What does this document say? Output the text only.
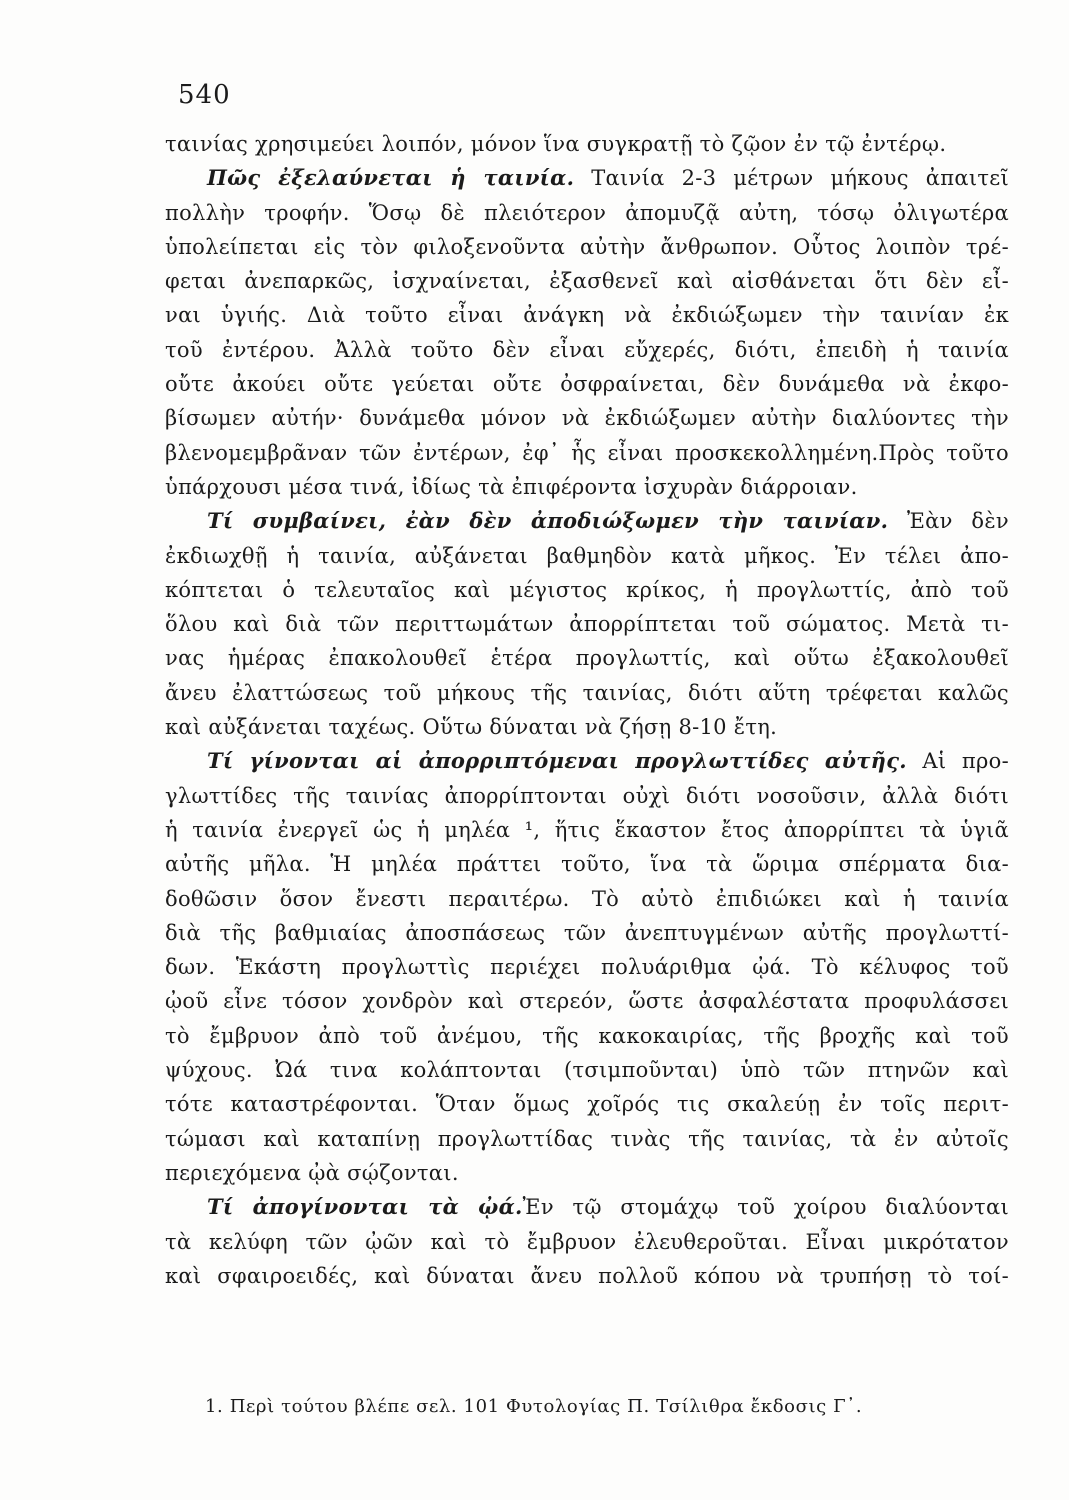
540
ταινίας χρησιμεύει λοιπόν, μόνον ἵνα συγκρατῇ τὸ ζῷον ἐν τῷ ἐντέρῳ.
Πῶς ἐξελαύνεται ἡ ταινία. Ταινία 2-3 μέτρων μήκους ἀπαιτεῖ
πολλὴν τροφήν. Ὅσῳ δὲ πλειότερον ἀπομυζᾷ αὐτη, τόσῳ ὀλιγωτέρα
ὑπολείπεται εἰς τὸν φιλοξενοῦντα αὐτὴν ἄνθρωπον. Οὗτος λοιπὸν τρέ-
φεται ἀνεπαρκῶς, ἰσχναίνεται, ἐξασθενεῖ καὶ αἰσθάνεται ὅτι δὲν εἶ-
ναι ὑγιής. Διὰ τοῦτο εἶναι ἀνάγκη νὰ ἐκδιώξωμεν τὴν ταινίαν ἐκ
τοῦ ἐντέρου. Ἀλλὰ τοῦτο δὲν εἶναι εὔχερές, διότι, ἐπειδὴ ἡ ταινία
οὔτε ἀκούει οὔτε γεύεται οὔτε ὀσφραίνεται, δὲν δυνάμεθα νὰ ἐκφο-
βίσωμεν αὐτήν· δυνάμεθα μόνον νὰ ἐκδιώξωμεν αὐτὴν διαλύοντες τὴν
βλενομεμβρᾶναν τῶν ἐντέρων, ἐφ᾽ ἧς εἶναι προσκεκολλημένη.Πρὸς τοῦτο
ὑπάρχουσι μέσα τινά, ἰδίως τὰ ἐπιφέροντα ἰσχυρὰν διάρροιαν.
Τί συμβαίνει, ἐὰν δὲν ἀποδιώξωμεν τὴν ταινίαν. Ἐὰν δὲν
ἐκδιωχθῇ ἡ ταινία, αὐξάνεται βαθμηδὸν κατὰ μῆκος. Ἐν τέλει ἀπο-
κόπτεται ὁ τελευταῖος καὶ μέγιστος κρίκος, ἡ προγλωττίς, ἀπὸ τοῦ
ὅλου καὶ διὰ τῶν περιττωμάτων ἀπορρίπτεται τοῦ σώματος. Μετὰ τι-
νας ἡμέρας ἐπακολουθεῖ ἑτέρα προγλωττίς, καὶ οὕτω ἐξακολουθεῖ
ἄνευ ἐλαττώσεως τοῦ μήκους τῆς ταινίας, διότι αὕτη τρέφεται καλῶς
καὶ αὐξάνεται ταχέως. Οὕτω δύναται νὰ ζήσῃ 8-10 ἔτη.
Τί γίνονται αἱ ἀπορριπτόμεναι προγλωττίδες αὐτῆς. Αἱ προ-
γλωττίδες τῆς ταινίας ἀπορρίπτονται οὐχὶ διότι νοσοῦσιν, ἀλλὰ διότι
ἡ ταινία ἐνεργεῖ ὡς ἡ μηλέα ¹, ἥτις ἕκαστον ἔτος ἀπορρίπτει τὰ ὑγιᾶ
αὐτῆς μῆλα. Ἡ μηλέα πράττει τοῦτο, ἵνα τὰ ὥριμα σπέρματα δια-
δοθῶσιν ὅσον ἔνεστι περαιτέρω. Τὸ αὐτὸ ἐπιδιώκει καὶ ἡ ταινία
διὰ τῆς βαθμιαίας ἀποσπάσεως τῶν ἀνεπτυγμένων αὐτῆς προγλωττί-
δων. Ἑκάστη προγλωττὶς περιέχει πολυάριθμα ᾠά. Τὸ κέλυφος τοῦ
ᾠοῦ εἶνε τόσον χονδρὸν καὶ στερεόν, ὥστε ἀσφαλέστατα προφυλάσσει
τὸ ἔμβρυον ἀπὸ τοῦ ἀνέμου, τῆς κακοκαιρίας, τῆς βροχῆς καὶ τοῦ
ψύχους. Ὠά τινα κολάπτονται (τσιμποῦνται) ὑπὸ τῶν πτηνῶν καὶ
τότε καταστρέφονται. Ὅταν ὅμως χοῖρός τις σκαλεύῃ ἐν τοῖς περιτ-
τώμασι καὶ καταπίνῃ προγλωττίδας τινὰς τῆς ταινίας, τὰ ἐν αὐτοῖς
περιεχόμενα ᾠὰ σῴζονται.
Τί ἀπογίνονται τὰ ᾠά.Ἐν τῷ στομάχῳ τοῦ χοίρου διαλύονται
τὰ κελύφη τῶν ᾠῶν καὶ τὸ ἔμβρυον ἐλευθεροῦται. Εἶναι μικρότατον
καὶ σφαιροειδές, καὶ δύναται ἄνευ πολλοῦ κόπου νὰ τρυπήσῃ τὸ τοί-
1. Περὶ τούτου βλέπε σελ. 101 Φυτολογίας Π. Τσίλιθρα ἔκδοσις Γ᾽.
